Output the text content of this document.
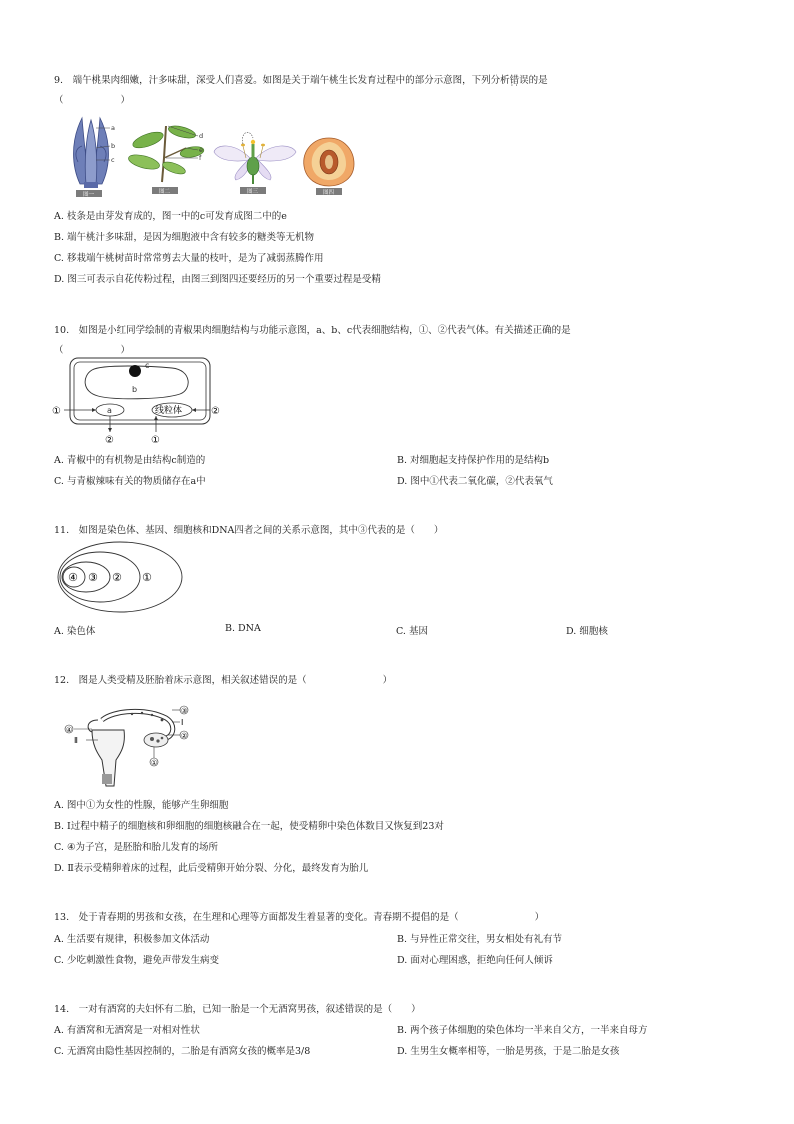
9.　端午桃果肉细嫩，汁多味甜，深受人们喜爱。如图是关于端午桃生长发育过程中的部分示意图，下列分析错误 ‧‧的是
（　　　　　　）
a
b
c
图一
d
e
f
图二	图三	图四
A. 枝条是由芽发育成的，图一中的c可发育成图二中的e
B. 端午桃汁多味甜，是因为细胞液中含有较多的糖类等无机物
C. 移栽端午桃树苗时常常剪去大量的枝叶，是为了减弱蒸腾作用
D. 图三可表示自花传粉过程，由图三到图四还要经历的另一个重要过程是受精
10.　如图是小红同学绘制的青椒果肉细胞结构与功能示意图，a、b、c代表细胞结构，①、②代表气体。有关描述正确的是
（　　　　　　）
c
b
a	线粒体
①	②
②	①
A. 青椒中的有机物是由结构c制造的	B. 对细胞起支持保护作用的是结构b
C. 与青椒辣味有关的物质储存在a中	D. 图中①代表二氧化碳，②代表氧气
11.　如图是染色体、基因、细胞核和DNA四者之间的关系示意图，其中③代表的是（　　）
④ ③ ② ①
A. 染色体	B. DNA	C. 基因	D. 细胞核
12.　图是人类受精及胚胎着床示意图，相关叙述错误的是（　　　　　　　　）
③
Ⅰ
②
④
Ⅱ
①
A. 图中①为女性的性腺，能够产生卵细胞
B. Ⅰ过程中精子的细胞核和卵细胞的细胞核融合在一起，使受精卵中染色体数目又恢复到23对
C. ④为子宫，是胚胎和胎儿发育的场所
D. Ⅱ表示受精卵着床的过程，此后受精卵开始分裂、分化，最终发育为胎儿
13.　处于青春期的男孩和女孩，在生理和心理等方面都发生着显著的变化。青春期不提倡的是（　　　　　　　　）
A. 生活要有规律，积极参加文体活动	B. 与异性正常交往，男女相处有礼有节
C. 少吃刺激性食物，避免声带发生病变	D. 面对心理困惑，拒绝向任何人倾诉
14.　一对有酒窝的夫妇怀有二胎，已知一胎是一个无酒窝男孩，叙述错误的是（　　）
A. 有酒窝和无酒窝是一对相对性状	B. 两个孩子体细胞的染色体均一半来自父方，一半来自母方
C. 无酒窝由隐性基因控制的，二胎是有酒窝女孩的概率是3/8	D. 生男生女概率相等，一胎是男孩，于是二胎是女孩
